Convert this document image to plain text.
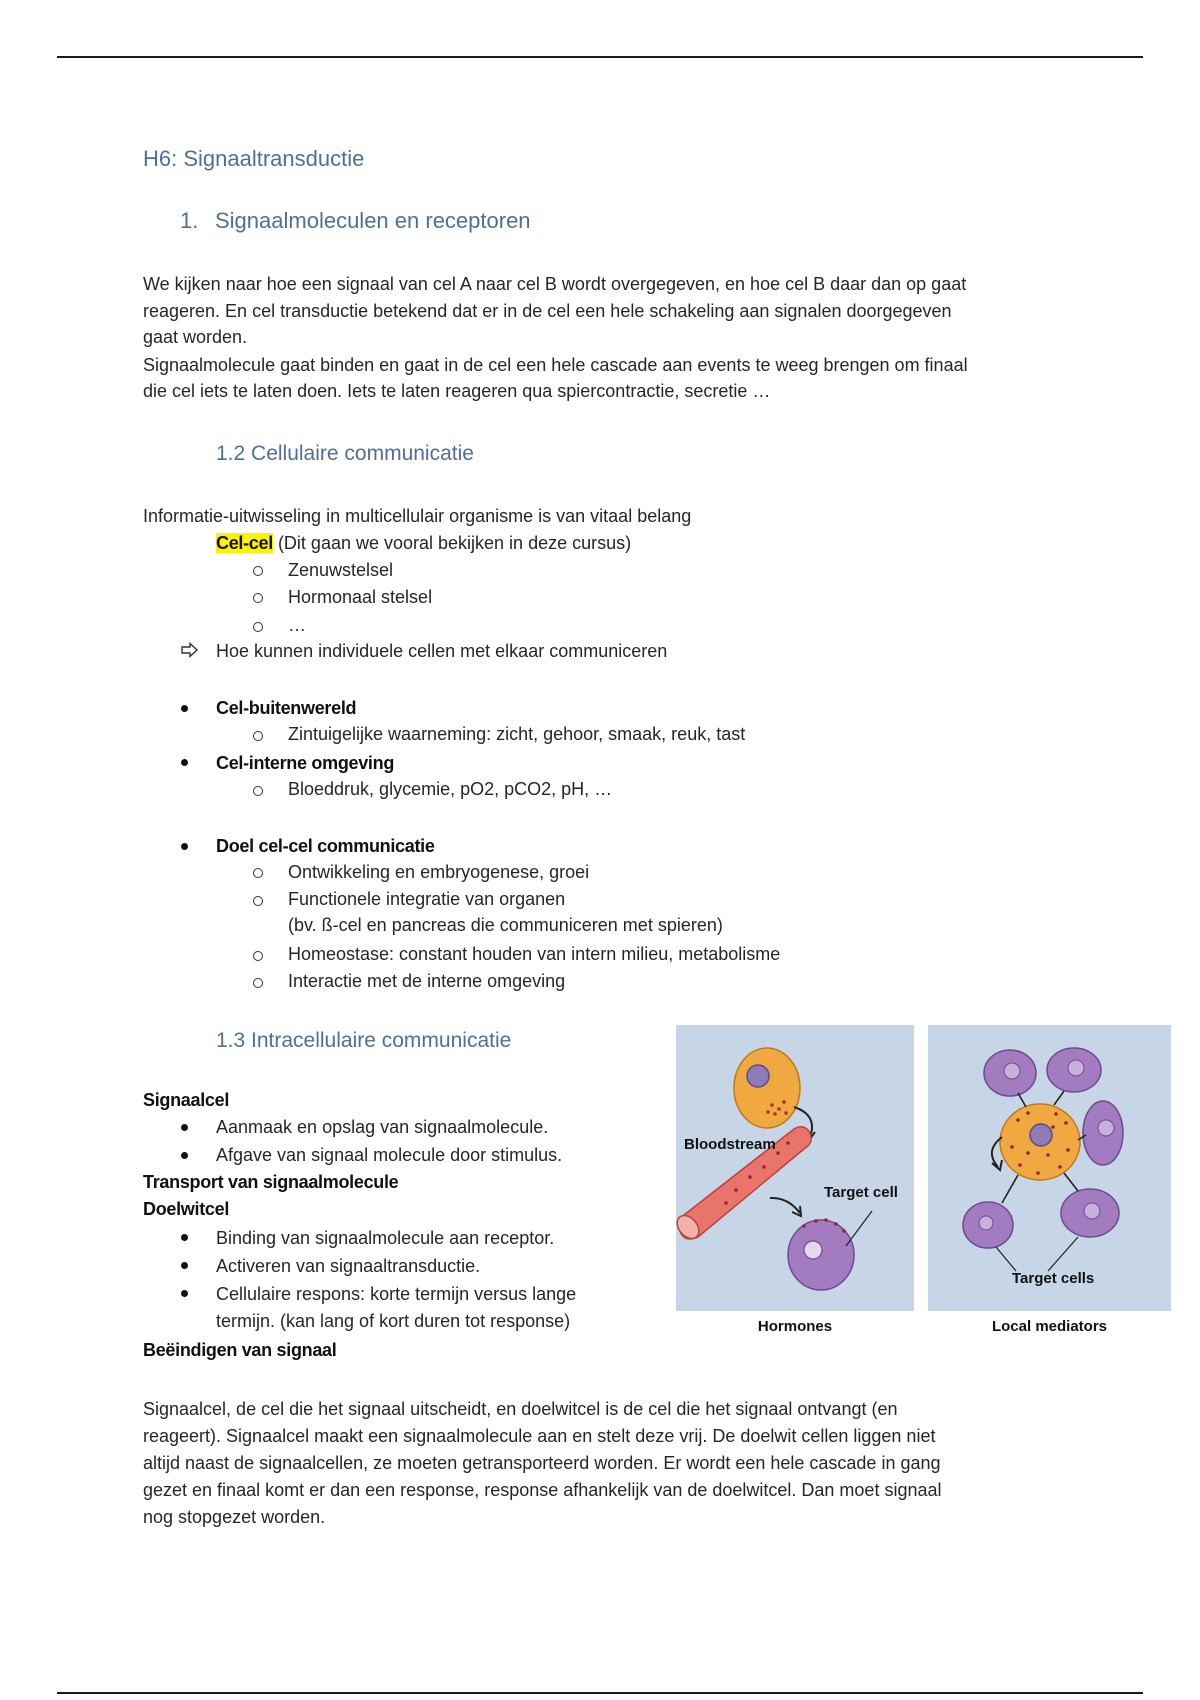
H6: Signaaltransductie
1. Signaalmoleculen en receptoren
We kijken naar hoe een signaal van cel A naar cel B wordt overgegeven, en hoe cel B daar dan op gaat
reageren. En cel transductie betekend dat er in de cel een hele schakeling aan signalen doorgegeven
gaat worden.
Signaalmolecule gaat binden en gaat in de cel een hele cascade aan events te weeg brengen om finaal
die cel iets te laten doen. Iets te laten reageren qua spiercontractie, secretie …
1.2 Cellulaire communicatie
Informatie-uitwisseling in multicellulair organisme is van vitaal belang
Cel-cel (Dit gaan we vooral bekijken in deze cursus)
Zenuwstelsel
Hormonaal stelsel
…
Hoe kunnen individuele cellen met elkaar communiceren
Cel-buitenwereld
Zintuigelijke waarneming: zicht, gehoor, smaak, reuk, tast
Cel-interne omgeving
Bloeddruk, glycemie, pO2, pCO2, pH, …
Doel cel-cel communicatie
Ontwikkeling en embryogenese, groei
Functionele integratie van organen
(bv. ß-cel en pancreas die communiceren met spieren)
Homeostase: constant houden van intern milieu, metabolisme
Interactie met de interne omgeving
1.3 Intracellulaire communicatie
Signaalcel
Aanmaak en opslag van signaalmolecule.
Afgave van signaal molecule door stimulus.
Transport van signaalmolecule
Doelwitcel
Binding van signaalmolecule aan receptor.
Activeren van signaaltransductie.
Cellulaire respons: korte termijn versus lange
termijn. (kan lang of kort duren tot response)
Beëindigen van signaal
Bloodstream
Target cell
Target cells
Hormones	Local mediators
Signaalcel, de cel die het signaal uitscheidt, en doelwitcel is de cel die het signaal ontvangt (en
reageert). Signaalcel maakt een signaalmolecule aan en stelt deze vrij. De doelwit cellen liggen niet
altijd naast de signaalcellen, ze moeten getransporteerd worden. Er wordt een hele cascade in gang
gezet en finaal komt er dan een response, response afhankelijk van de doelwitcel. Dan moet signaal
nog stopgezet worden.
